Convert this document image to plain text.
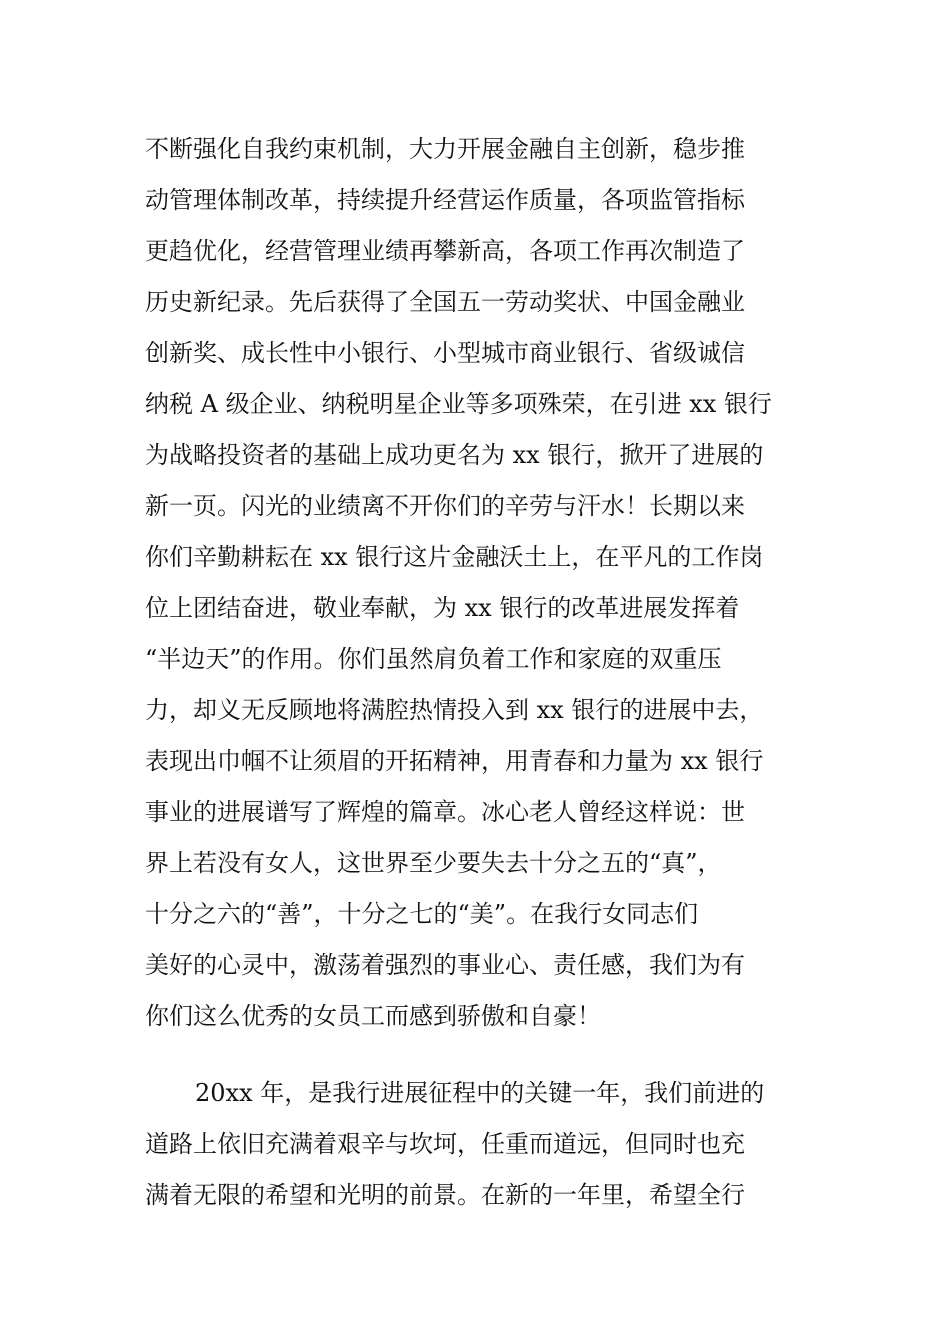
不断强化自我约束机制，大力开展金融自主创新，稳步推
动管理体制改革，持续提升经营运作质量，各项监管指标
更趋优化，经营管理业绩再攀新高，各项工作再次制造了
历史新纪录。先后获得了全国五一劳动奖状、中国金融业
创新奖、成长性中小银行、小型城市商业银行、省级诚信
纳税 A 级企业、纳税明星企业等多项殊荣，在引进 xx 银行
为战略投资者的基础上成功更名为 xx 银行，掀开了进展的
新一页。闪光的业绩离不开你们的辛劳与汗水！长期以来
你们辛勤耕耘在 xx 银行这片金融沃土上，在平凡的工作岗
位上团结奋进，敬业奉献，为 xx 银行的改革进展发挥着
“半边天”的作用。你们虽然肩负着工作和家庭的双重压
力，却义无反顾地将满腔热情投入到 xx 银行的进展中去，
表现出巾帼不让须眉的开拓精神，用青春和力量为 xx 银行
事业的进展谱写了辉煌的篇章。冰心老人曾经这样说：世
界上若没有女人，这世界至少要失去十分之五的“真”，
十分之六的“善”，十分之七的“美”。在我行女同志们
美好的心灵中，激荡着强烈的事业心、责任感，我们为有
你们这么优秀的女员工而感到骄傲和自豪！
20xx 年，是我行进展征程中的关键一年，我们前进的
道路上依旧充满着艰辛与坎坷，任重而道远，但同时也充
满着无限的希望和光明的前景。在新的一年里，希望全行
